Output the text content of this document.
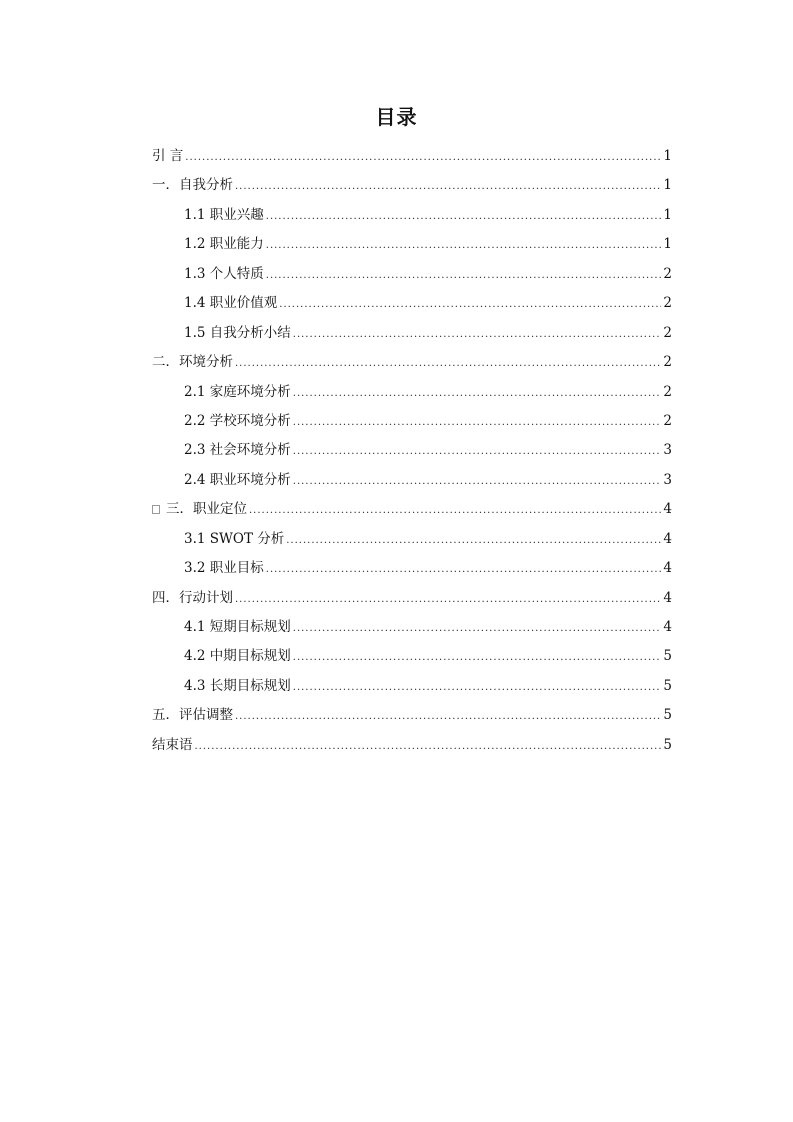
目录
引 言 .....	1
一．自我分析 .....	1
1.1 职业兴趣 .....	1
1.2 职业能力 .....	1
1.3 个人特质 .....	2
1.4 职业价值观 .....	2
1.5 自我分析小结 .....	2
二．环境分析 .....	2
2.1 家庭环境分析 .....	2
2.2 学校环境分析 .....	2
2.3 社会环境分析 .....	3
2.4 职业环境分析 .....	3
三．职业定位 .....	4
3.1 SWOT 分析 .....	4
3.2 职业目标 .....	4
四．行动计划 .....	4
4.1 短期目标规划 .....	4
4.2 中期目标规划 .....	5
4.3 长期目标规划 .....	5
五．评估调整 .....	5
结束语 .....	5
